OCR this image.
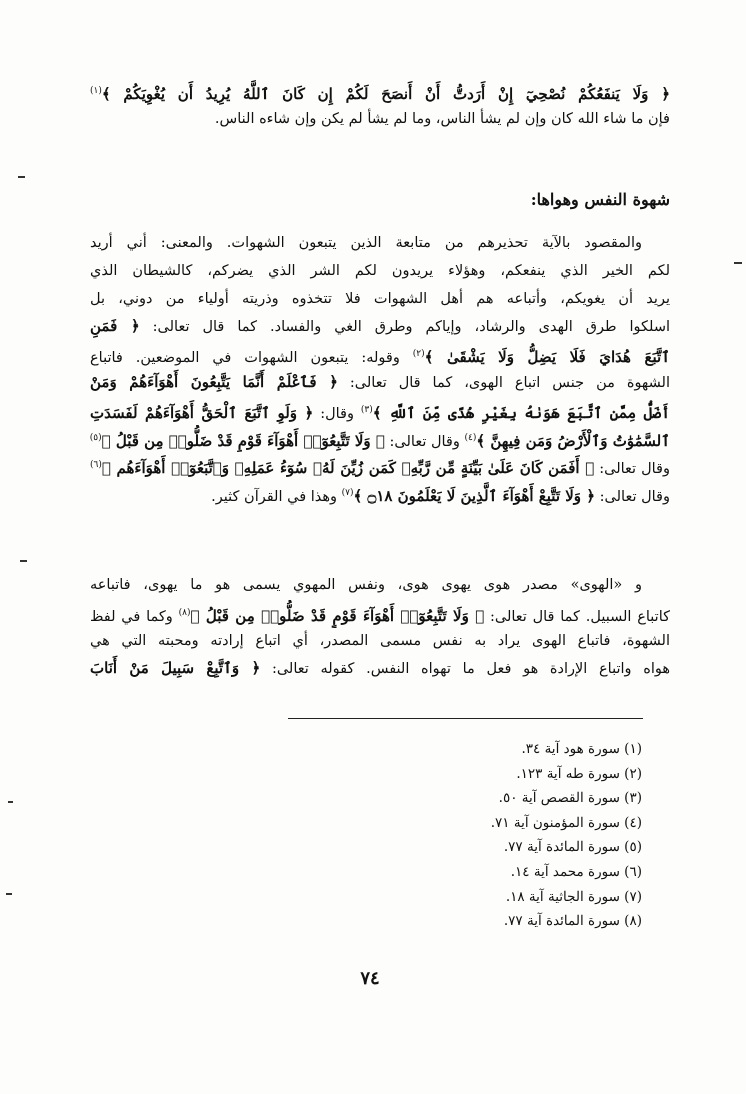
﴿ وَلَا يَنفَعُكُمْ نُصْحِيٓ إِنْ أَرَدتُّ أَنْ أَنصَحَ لَكُمْ إِن كَانَ ٱللَّهُ يُرِيدُ أَن يُغْوِيَكُمْ ﴾$^{(١)}$
فإن ما شاء الله كان وإن لم يشأ الناس، وما لم يشأ لم يكن وإن شاءه الناس.
شهوة النفس وهواها:
والمقصود بالآية تحذيرهم من متابعة الذين يتبعون الشهوات. والمعنى: أني أريد
لكم الخير الذي ينفعكم، وهؤلاء يريدون لكم الشر الذي يضركم، كالشيطان الذي
يريد أن يغويكم، وأتباعه هم أهل الشهوات فلا تتخذوه وذريته أولياء من دوني، بل
اسلكوا طرق الهدى والرشاد، وإياكم وطرق الغي والفساد. كما قال تعالى: ﴿ فَمَنِ
ٱتَّبَعَ هُدَايَ فَلَا يَضِلُّ وَلَا يَشْقَىٰ ﴾$^{(٢)}$ وقوله: يتبعون الشهوات في الموضعين. فاتباع
الشهوة من جنس اتباع الهوى، كما قال تعالى: ﴿ فَٱعْلَمْ أَنَّمَا يَتَّبِعُونَ أَهْوَآءَهُمْ وَمَنْ
أَضَلُّ مِمَّنِ ٱتَّبَعَ هَوَىٰهُ بِغَيْرِ هُدًى مِّنَ ٱللَّهِ ﴾$^{(٣)}$ وقال: ﴿ وَلَوِ ٱتَّبَعَ ٱلْحَقُّ أَهْوَآءَهُمْ لَفَسَدَتِ
ٱلسَّمَٰوَٰتُ وَٱلْأَرْضُ وَمَن فِيهِنَّ ﴾$^{(٤)}$ وقال تعالى: ﴿ وَلَا تَتَّبِعُوٓا۟ أَهْوَآءَ قَوْمٍ قَدْ ضَلُّوا۟ مِن قَبْلُ ﴾$^{(٥)}$
وقال تعالى: ﴿ أَفَمَن كَانَ عَلَىٰ بَيِّنَةٍ مِّن رَّبِّهِۦ كَمَن زُيِّنَ لَهُۥ سُوٓءُ عَمَلِهِۦ وَٱتَّبَعُوٓا۟ أَهْوَآءَهُم ﴾$^{(٦)}$
وقال تعالى: ﴿ وَلَا تَتَّبِعْ أَهْوَآءَ ٱلَّذِينَ لَا يَعْلَمُونَ ۝١٨ ﴾$^{(٧)}$ وهذا في القرآن كثير.
و «الهوى» مصدر هوى يهوى هوى، ونفس المهوي يسمى هو ما يهوى، فاتباعه
كاتباع السبيل. كما قال تعالى: ﴿ وَلَا تَتَّبِعُوٓا۟ أَهْوَآءَ قَوْمٍ قَدْ ضَلُّوا۟ مِن قَبْلُ ﴾$^{(٨)}$ وكما في لفظ
الشهوة، فاتباع الهوى يراد به نفس مسمى المصدر، أي اتباع إرادته ومحبته التي هي
هواه واتباع الإرادة هو فعل ما تهواه النفس. كقوله تعالى: ﴿ وَٱتَّبِعْ سَبِيلَ مَنْ أَنَابَ
(١) سورة هود آية ٣٤.
(٢) سورة طه آية ١٢٣.
(٣) سورة القصص آية ٥٠.
(٤) سورة المؤمنون آية ٧١.
(٥) سورة المائدة آية ٧٧.
(٦) سورة محمد آية ١٤.
(٧) سورة الجاثية آية ١٨.
(٨) سورة المائدة آية ٧٧.
٧٤
